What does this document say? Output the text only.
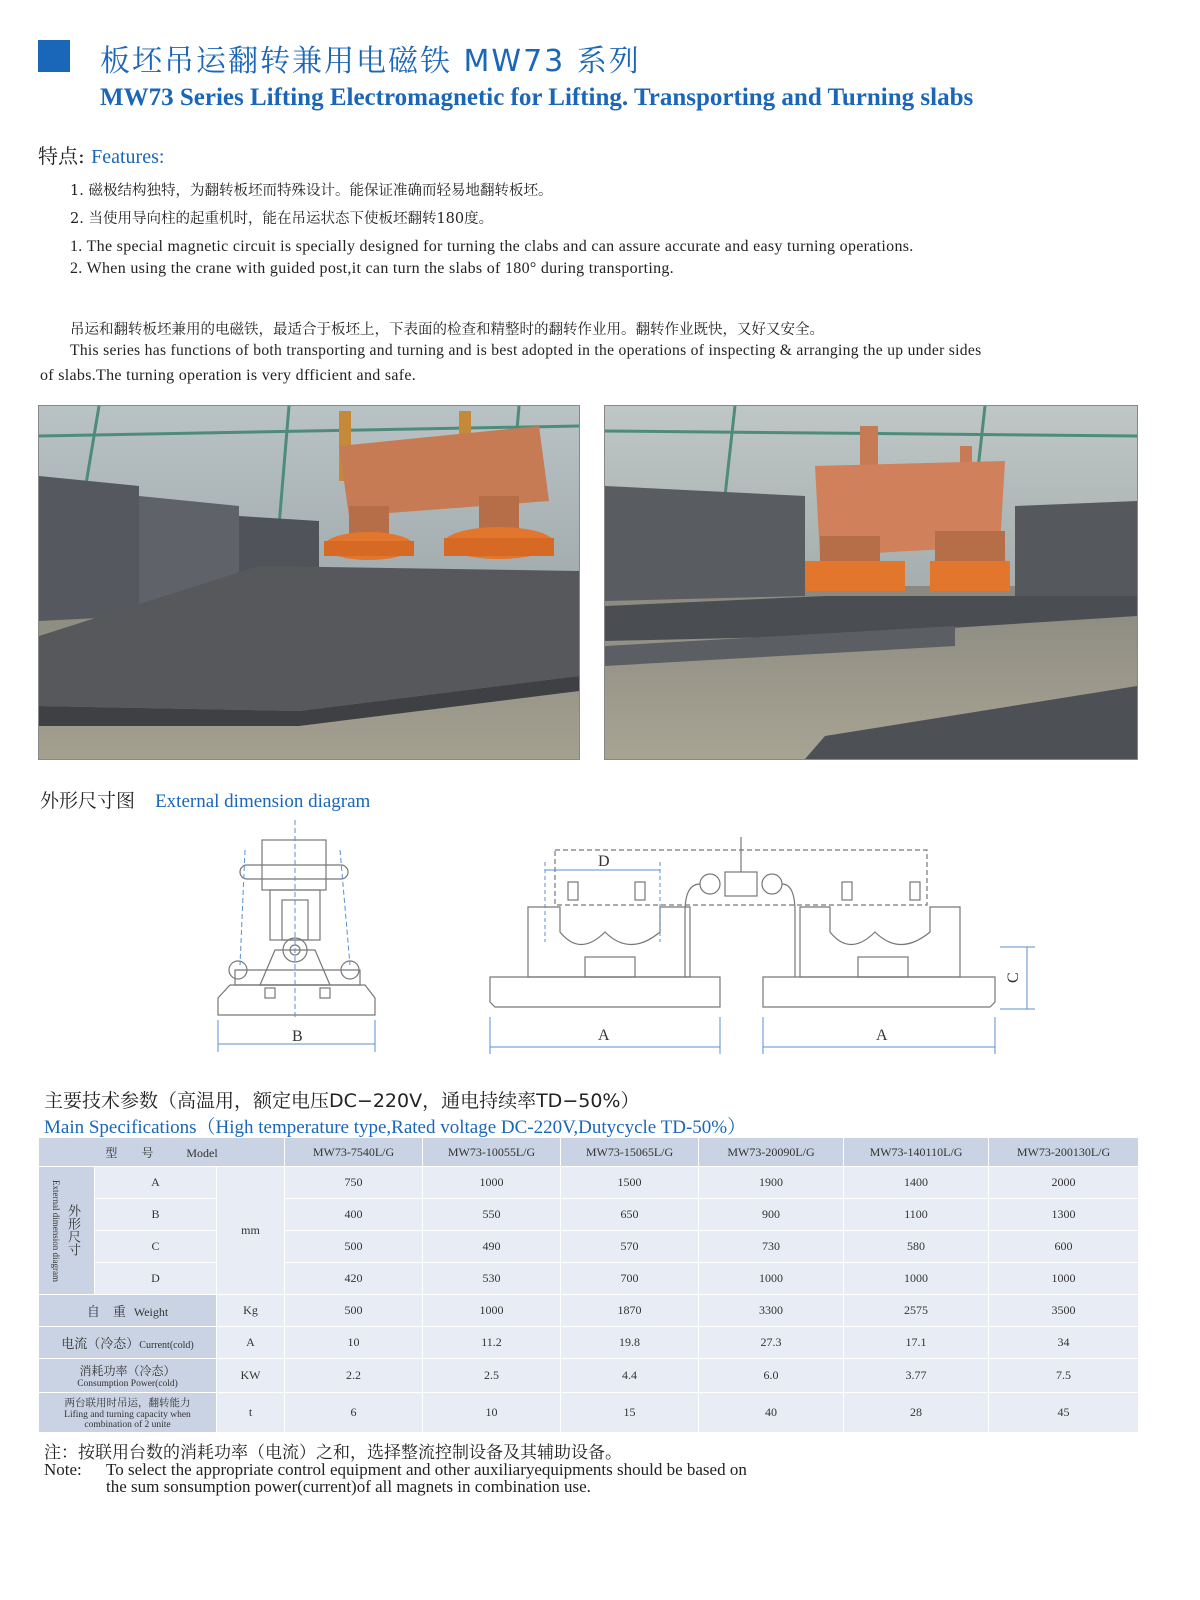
板坯吊运翻转兼用电磁铁 MW73 系列
MW73 Series Lifting Electromagnetic for Lifting. Transporting and Turning slabs
特点: Features:
1. 磁极结构独特，为翻转板坯而特殊设计。能保证准确而轻易地翻转板坯。
2. 当使用导向柱的起重机时，能在吊运状态下使板坯翻转180度。
1. The special magnetic circuit is specially designed for turning the clabs and can assure accurate and easy turning operations.
2. When using the crane with guided post,it can turn the slabs of 180° during transporting.
吊运和翻转板坯兼用的电磁铁，最适合于板坯上，下表面的检查和精整时的翻转作业用。翻转作业既快，又好又安全。
This series has functions of both transporting and turning and is best adopted in the operations of inspecting & arranging the up under sides
of slabs.The turning operation is very dfficient and safe.
外形尺寸图 External dimension diagram
B
D
A	A
C
主要技术参数（高温用，额定电压DC−220V，通电持续率TD−50%）
Main Specifications（High temperature type,Rated voltage DC-220V,Dutycycle TD-50%）
型　　号 Model			MW73-7540L/G	MW73-10055L/G	MW73-15065L/G	MW73-20090L/G	MW73-140110L/G	MW73-200130L/G

External dimension diagram 外形尺寸	A	mm	750	1000	1500	1900	1400	2000
	B		400	550	650	900	1100	1300
	C		500	490	570	730	580	600
	D		420	530	700	1000	1000	1000
自　重 Weight		Kg	500	1000	1870	3300	2575	3500
电流（冷态）Current(cold)		A	10	11.2	19.8	27.3	17.1	34

消耗功率（冷态）
Consumption Power(cold)		KW	2.2	2.5	4.4	6.0	3.77	7.5

两台联用时吊运，翻转能力
Lifing and turning capacity when
combination of 2 unite		t	6	10	15	40	28	45
注：按联用台数的消耗功率（电流）之和，选择整流控制设备及其辅助设备。
Note:	To select the appropriate control equipment and other auxiliaryequipments should be based on
the sum sonsumption power(current)of all magnets in combination use.
